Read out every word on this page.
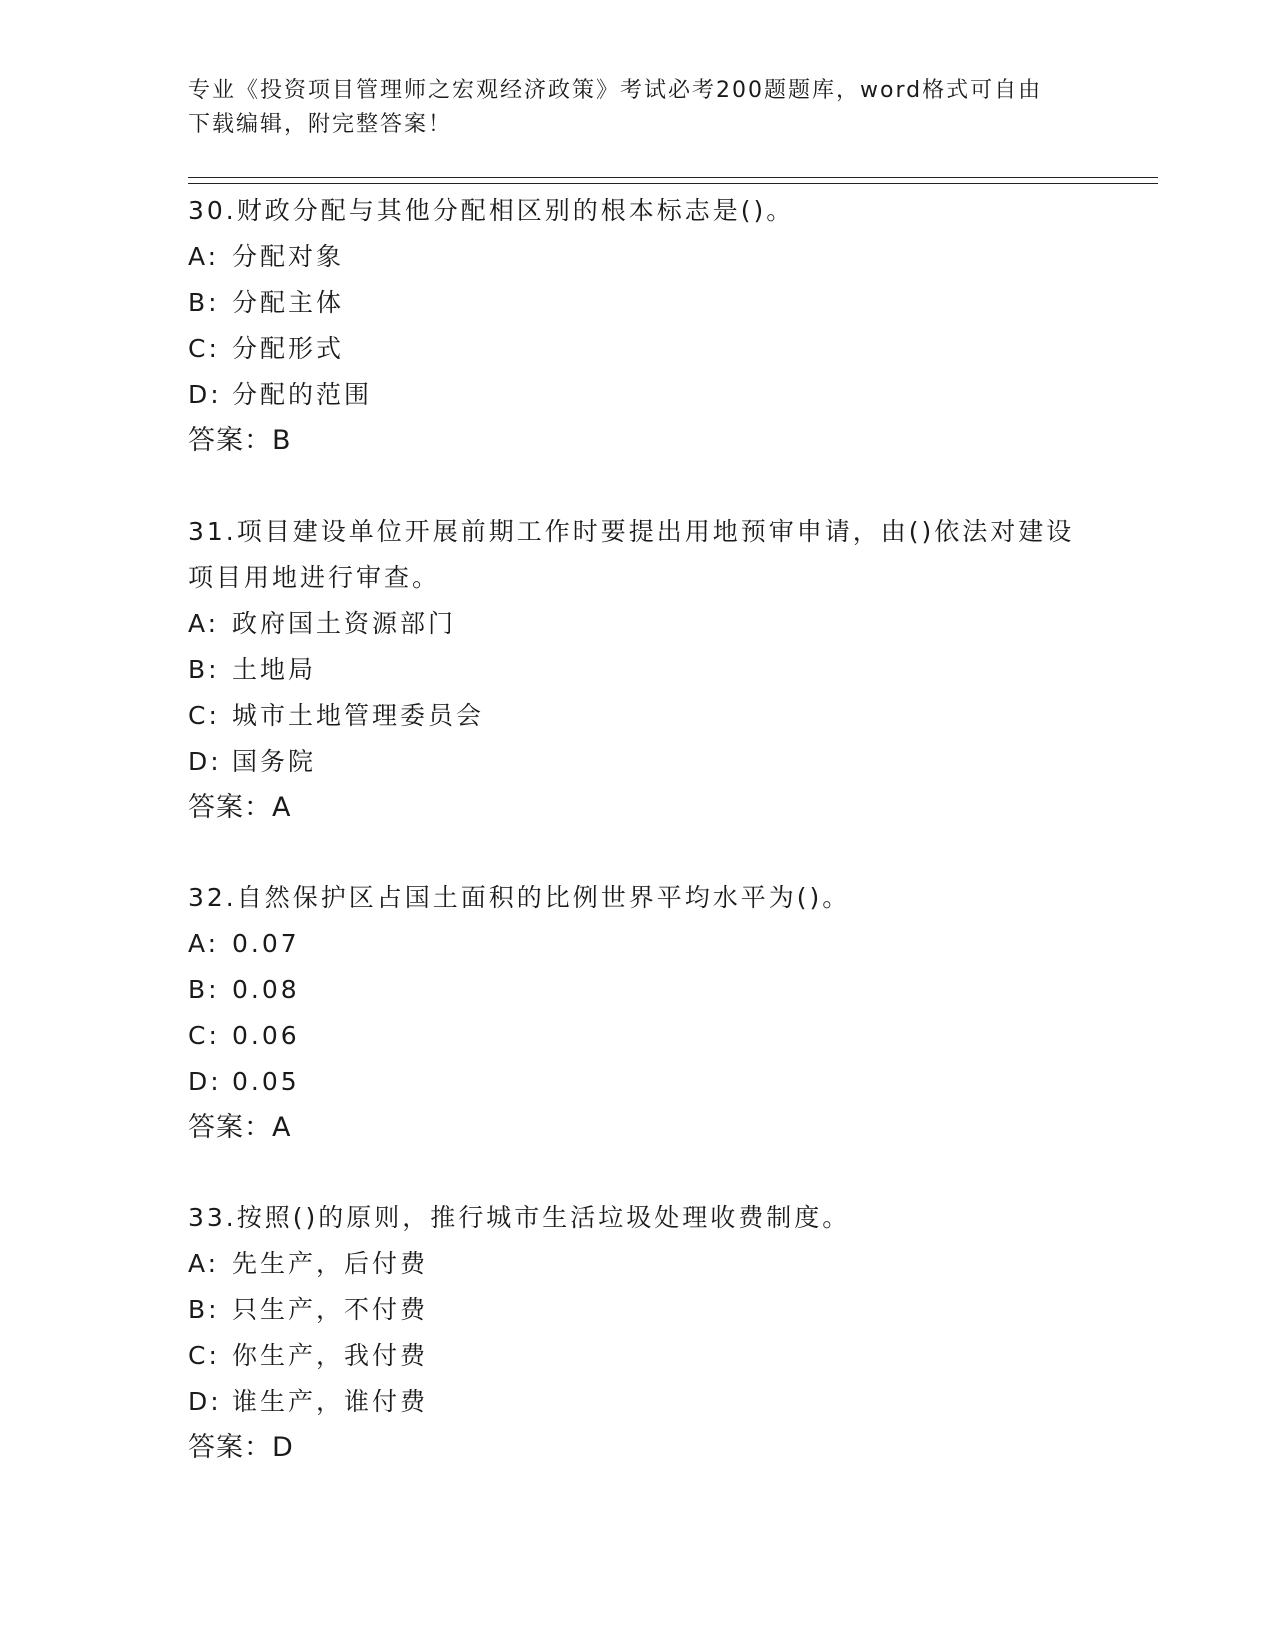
专业《投资项目管理师之宏观经济政策》考试必考200题题库，word格式可自由
下载编辑，附完整答案！

30.财政分配与其他分配相区别的根本标志是()。

A: 分配对象

B: 分配主体

C: 分配形式

D: 分配的范围

答案：B

31.项目建设单位开展前期工作时要提出用地预审申请，由()依法对建设项目用地进行审查。

A: 政府国土资源部门

B: 土地局

C: 城市土地管理委员会

D: 国务院

答案：A

32.自然保护区占国土面积的比例世界平均水平为()。

A: 0.07

B: 0.08

C: 0.06

D: 0.05

答案：A

33.按照()的原则，推行城市生活垃圾处理收费制度。

A: 先生产，后付费

B: 只生产，不付费

C: 你生产，我付费

D: 谁生产，谁付费

答案：D
